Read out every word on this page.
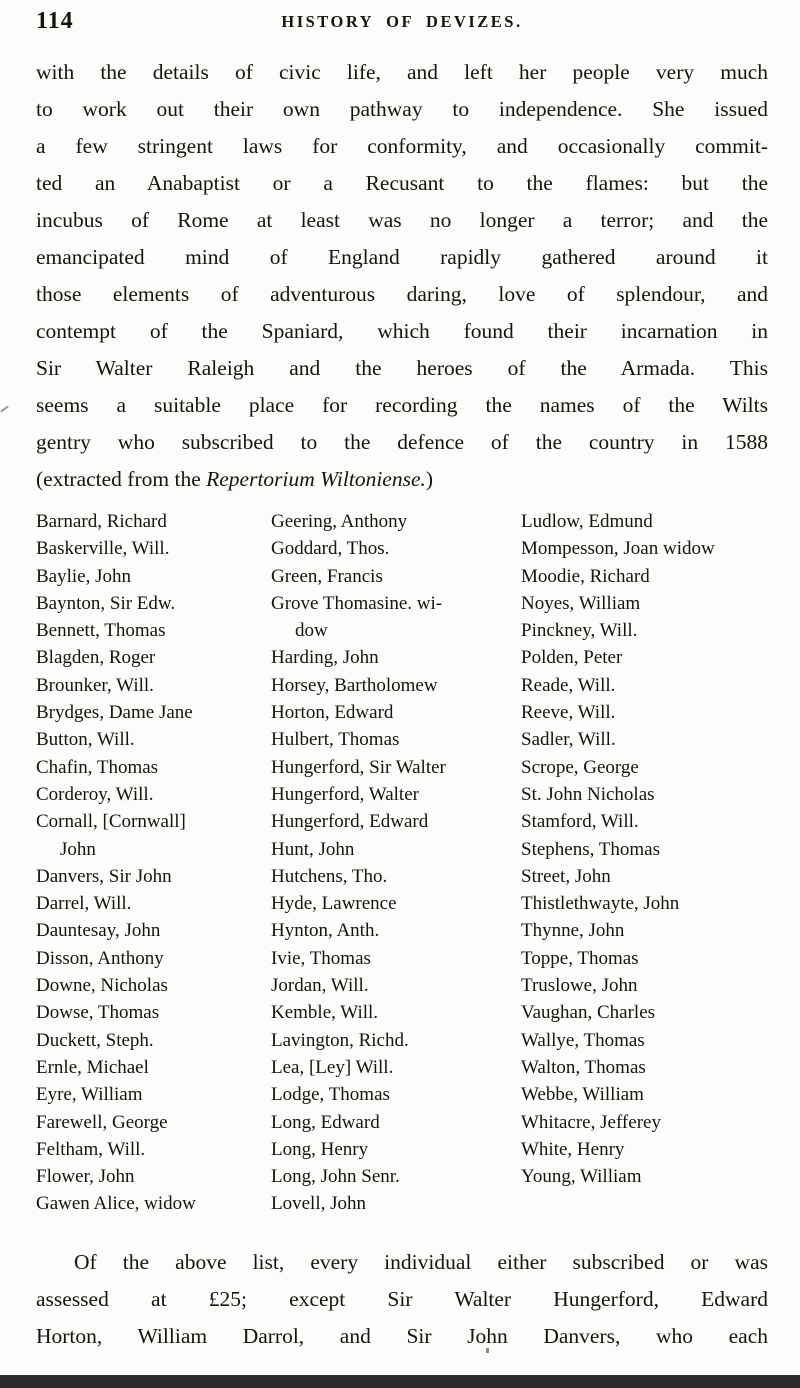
114	HISTORY OF DEVIZES.
with the details of civic life, and left her people very much
to work out their own pathway to independence. She issued
a few stringent laws for conformity, and occasionally commit-
ted an Anabaptist or a Recusant to the flames: but the
incubus of Rome at least was no longer a terror; and the
emancipated mind of England rapidly gathered around it
those elements of adventurous daring, love of splendour, and
contempt of the Spaniard, which found their incarnation in
Sir Walter Raleigh and the heroes of the Armada. This
seems a suitable place for recording the names of the Wilts
gentry who subscribed to the defence of the country in 1588
(extracted from the Repertorium Wiltoniense.)
Barnard, Richard
Baskerville, Will.
Baylie, John
Baynton, Sir Edw.
Bennett, Thomas
Blagden, Roger
Brounker, Will.
Brydges, Dame Jane
Button, Will.
Chafin, Thomas
Corderoy, Will.
Cornall, [Cornwall]
John
Danvers, Sir John
Darrel, Will.
Dauntesay, John
Disson, Anthony
Downe, Nicholas
Dowse, Thomas
Duckett, Steph.
Ernle, Michael
Eyre, William
Farewell, George
Feltham, Will.
Flower, John
Gawen Alice, widow
Geering, Anthony
Goddard, Thos.
Green, Francis
Grove Thomasine. wi-
dow
Harding, John
Horsey, Bartholomew
Horton, Edward
Hulbert, Thomas
Hungerford, Sir Walter
Hungerford, Walter
Hungerford, Edward
Hunt, John
Hutchens, Tho.
Hyde, Lawrence
Hynton, Anth.
Ivie, Thomas
Jordan, Will.
Kemble, Will.
Lavington, Richd.
Lea, [Ley] Will.
Lodge, Thomas
Long, Edward
Long, Henry
Long, John Senr.
Lovell, John
Ludlow, Edmund
Mompesson, Joan widow
Moodie, Richard
Noyes, William
Pinckney, Will.
Polden, Peter
Reade, Will.
Reeve, Will.
Sadler, Will.
Scrope, George
St. John Nicholas
Stamford, Will.
Stephens, Thomas
Street, John
Thistlethwayte, John
Thynne, John
Toppe, Thomas
Truslowe, John
Vaughan, Charles
Wallye, Thomas
Walton, Thomas
Webbe, William
Whitacre, Jefferey
White, Henry
Young, William
Of the above list, every individual either subscribed or was
assessed at £25; except Sir Walter Hungerford, Edward
Horton, William Darrol, and Sir John Danvers, who each
